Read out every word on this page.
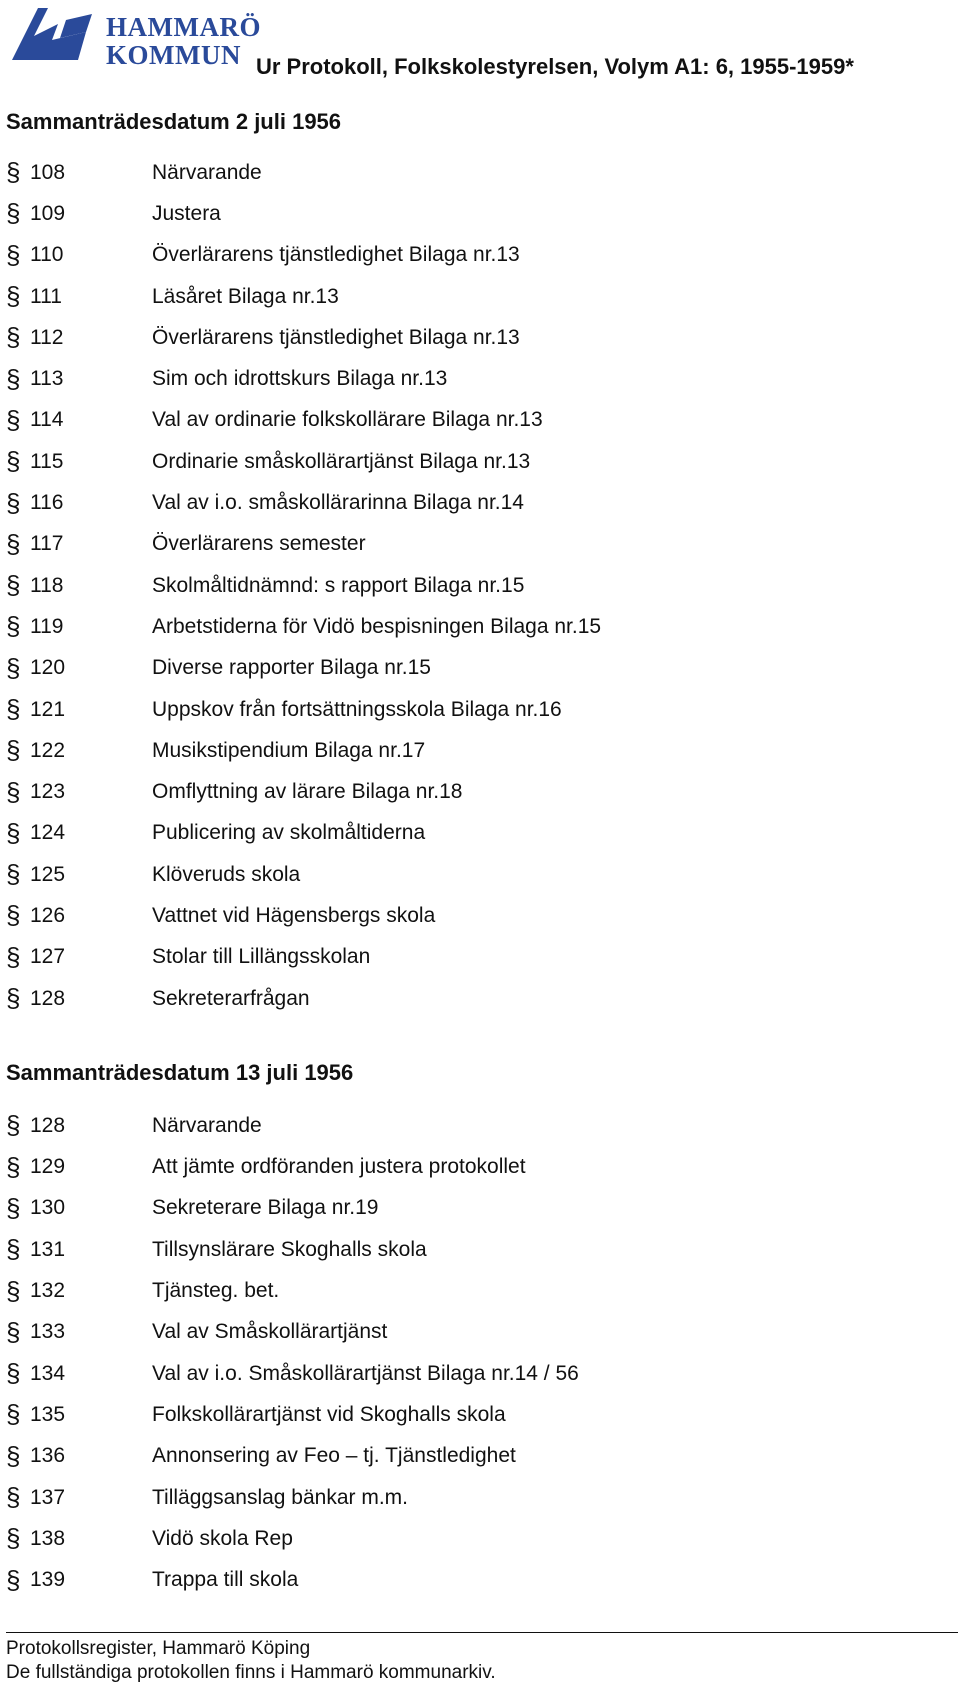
HAMMARÖ
KOMMUN Ur Protokoll, Folkskolestyrelsen, Volym A1: 6, 1955-1959*
Sammanträdesdatum 2 juli 1956
§ 108	Närvarande
§ 109	Justera
§ 110	Överlärarens tjänstledighet Bilaga nr.13
§ 111	Läsåret Bilaga nr.13
§ 112	Överlärarens tjänstledighet Bilaga nr.13
§ 113	Sim och idrottskurs Bilaga nr.13
§ 114	Val av ordinarie folkskollärare Bilaga nr.13
§ 115	Ordinarie småskollärartjänst Bilaga nr.13
§ 116	Val av i.o. småskollärarinna Bilaga nr.14
§ 117	Överlärarens semester
§ 118	Skolmåltidnämnd: s rapport Bilaga nr.15
§ 119	Arbetstiderna för Vidö bespisningen Bilaga nr.15
§ 120	Diverse rapporter Bilaga nr.15
§ 121	Uppskov från fortsättningsskola Bilaga nr.16
§ 122	Musikstipendium Bilaga nr.17
§ 123	Omflyttning av lärare Bilaga nr.18
§ 124	Publicering av skolmåltiderna
§ 125	Klöveruds skola
§ 126	Vattnet vid Hägensbergs skola
§ 127	Stolar till Lillängsskolan
§ 128	Sekreterarfrågan
Sammanträdesdatum 13 juli 1956
§ 128	Närvarande
§ 129	Att jämte ordföranden justera protokollet
§ 130	Sekreterare Bilaga nr.19
§ 131	Tillsynslärare Skoghalls skola
§ 132	Tjänsteg. bet.
§ 133	Val av Småskollärartjänst
§ 134	Val av i.o. Småskollärartjänst Bilaga nr.14 / 56
§ 135	Folkskollärartjänst vid Skoghalls skola
§ 136	Annonsering av Feo – tj. Tjänstledighet
§ 137	Tilläggsanslag bänkar m.m.
§ 138	Vidö skola Rep
§ 139	Trappa till skola
Protokollsregister, Hammarö Köping
De fullständiga protokollen finns i Hammarö kommunarkiv.
